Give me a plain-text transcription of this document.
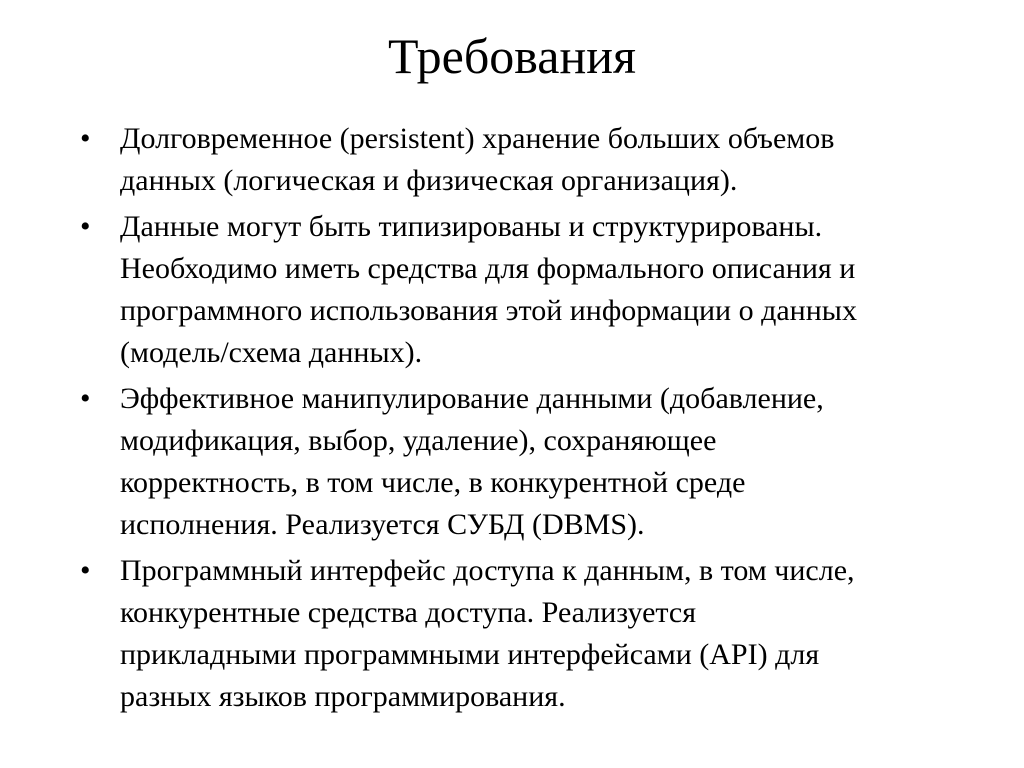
Требования
• Долговременное (persistent) хранение больших объемов
данных (логическая и физическая организация).
• Данные могут быть типизированы и структурированы.
Необходимо иметь средства для формального описания и
программного использования этой информации о данных
(модель/схема данных).
• Эффективное манипулирование данными (добавление,
модификация, выбор, удаление), сохраняющее
корректность, в том числе, в конкурентной среде
исполнения. Реализуется СУБД (DBMS).
• Программный интерфейс доступа к данным, в том числе,
конкурентные средства доступа. Реализуется
прикладными программными интерфейсами (API) для
разных языков программирования.
